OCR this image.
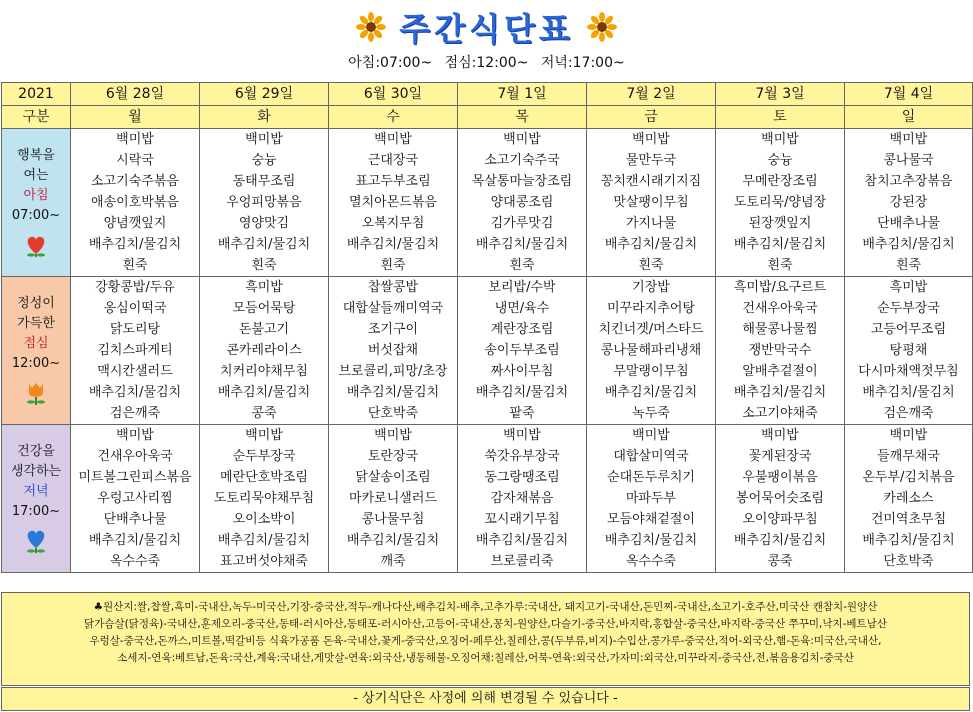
주간식단표
아침:07:00~ 점심:12:00~ 저녁:17:00~
2021	6월 28일	6월 29일	6월 30일	7월 1일	7월 2일	7월 3일	7월 4일
구분	월	화	수	목	금	토	일

행복을
여는
아침
07:00~	백미밥	백미밥	백미밥	백미밥	백미밥	백미밥	백미밥
	시락국	숭늉	근대장국	소고기숙주국	물만두국	숭늉	콩나물국
	소고기숙주볶음	동태무조림	표고두부조림	목살통마늘장조림	꽁치캔시래기지짐	무메란장조림	참치고추장볶음
	애송이호박볶음	우엉피망볶음	멸치아몬드볶음	양대콩조림	맛살팽이무침	도토리묵/양념장	강된장
	양념깻잎지	영양맛김	오복지무침	김가루맛김	가지나물	된장깻잎지	단배추나물
	배추김치/물김치	배추김치/물김치	배추김치/물김치	배추김치/물김치	배추김치/물김치	배추김치/물김치	배추김치/물김치
	흰죽	흰죽	흰죽	흰죽	흰죽	흰죽	흰죽

정성이
가득한
점심
12:00~	강황콩밥/두유	흑미밥	찹쌀콩밥	보리밥/수박	기장밥	흑미밥/요구르트	흑미밥
	옹심이떡국	모듬어묵탕	대합살들깨미역국	냉면/육수	미꾸라지추어탕	건새우아욱국	순두부장국
	닭도리탕	돈불고기	조기구이	계란장조림	치킨너겟/머스타드	해물콩나물찜	고등어무조림
	김치스파게티	콘카레라이스	버섯잡채	송이두부조림	콩나물해파리냉채	쟁반막국수	탕평채
	맥시칸샐러드	치커리야채무침	브로콜리,피망/초장	짜사이무침	무말랭이무침	알배추겉절이	다시마채액젓무침
	배추김치/물김치	배추김치/물김치	배추김치/물김치	배추김치/물김치	배추김치/물김치	배추김치/물김치	배추김치/물김치
	검은깨죽	콩죽	단호박죽	팥죽	녹두죽	소고기야채죽	검은깨죽

건강을
생각하는
저녁
17:00~	백미밥	백미밥	백미밥	백미밥	백미밥	백미밥	백미밥
	건새우아욱국	순두부장국	토란장국	쑥갓유부장국	대합살미역국	꽃게된장국	들깨무채국
	미트볼그린피스볶음	메란단호박조림	닭살송이조림	동그랑땡조림	순대돈두루치기	우불팽이볶음	온두부/김치볶음
	우렁고사리찜	도토리묵야채무침	마카로니샐러드	감자채볶음	마파두부	봉어묵어슷조림	카레소스
	단배추나물	오이소박이	콩나물무침	꼬시래기무침	모듬야채겉절이	오이양파무침	건미역초무침
	배추김치/물김치	배추김치/물김치	배추김치/물김치	배추김치/물김치	배추김치/물김치	배추김치/물김치	배추김치/물김치
	옥수수죽	표고버섯야채죽	깨죽	브로콜리죽	옥수수죽	콩죽	단호박죽
♣원산지:쌀,찹쌀,흑미-국내산,녹두-미국산,기장-중국산,적두-캐나다산,배추김치-배추,고추가루:국내산, 돼지고기-국내산,돈민찌-국내산,소고기-호주산,미국산 캔참치-원양산
닭가슴살(닭정육)-국내산,훈제오리-중국산,동태-러시아산,동태포-러시아산,고등어-국내산,꽁치-원양산,다슬기-중국산,바지락,홍합살-중국산,바지락-중국산 쭈꾸미,낙지-베트남산
우렁살-중국산,돈까스,미트볼,떡갈비등 식육가공품 돈육-국내산,꽃게-중국산,오징어-페루산,칠레산,콩(두부류,비지)-수입산,콩가루-중국산,적어-외국산,햄-돈육:미국산,국내산,
소세지-연육:베트남,돈육:국산,계육:국내산,게맛살-연육:외국산,냉동해물-오징어채:칠레산,어묵-연육:외국산,가자미:외국산,미꾸라지-중국산,전,볶음용김치-중국산
- 상기식단은 사정에 의해 변경될 수 있습니다 -
